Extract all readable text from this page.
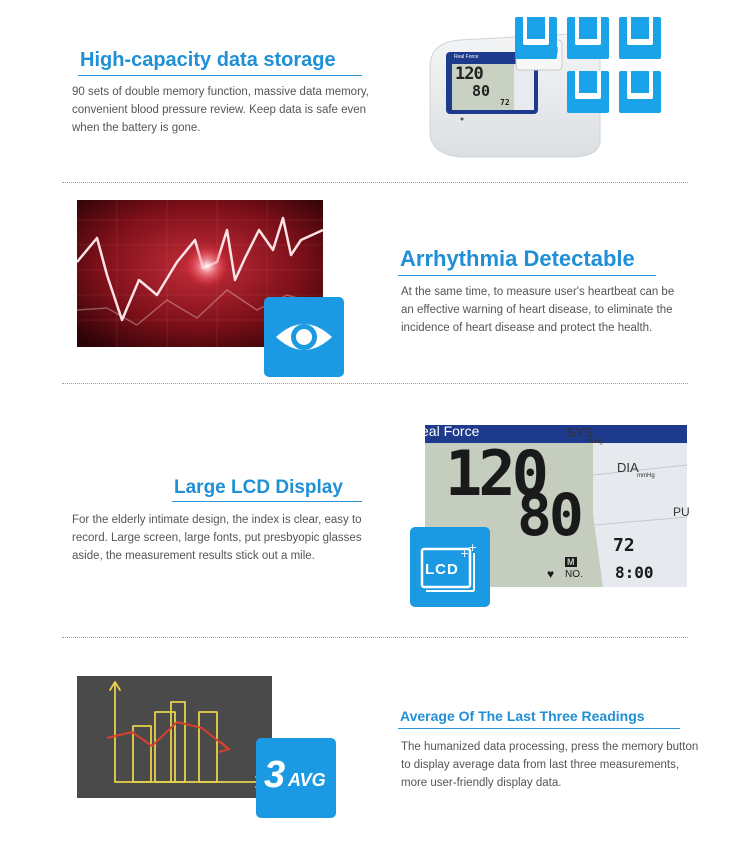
High-capacity data storage
90 sets of double memory function, massive data memory, convenient blood pressure review. Keep data is safe even when the battery is gone.
Real Force
120
80
72
Arrhythmia Detectable
At the same time, to measure user's heartbeat can be an effective warning of heart disease, to eliminate the incidence of heart disease and protect the health.
Large LCD Display
For the elderly intimate design, the index is clear, easy to record. Large screen, large fonts, put presbyopic glasses aside, the measurement results stick out a mile.
eal Force	SYS
mmHg
DIA
mmHg
PU
120
80 72
M
♥ NO. 8:00
+
+
LCD
3 AVG
Average Of The Last Three Readings
The humanized data processing, press the memory button to display average data from last three measurements, more user-friendly display data.
